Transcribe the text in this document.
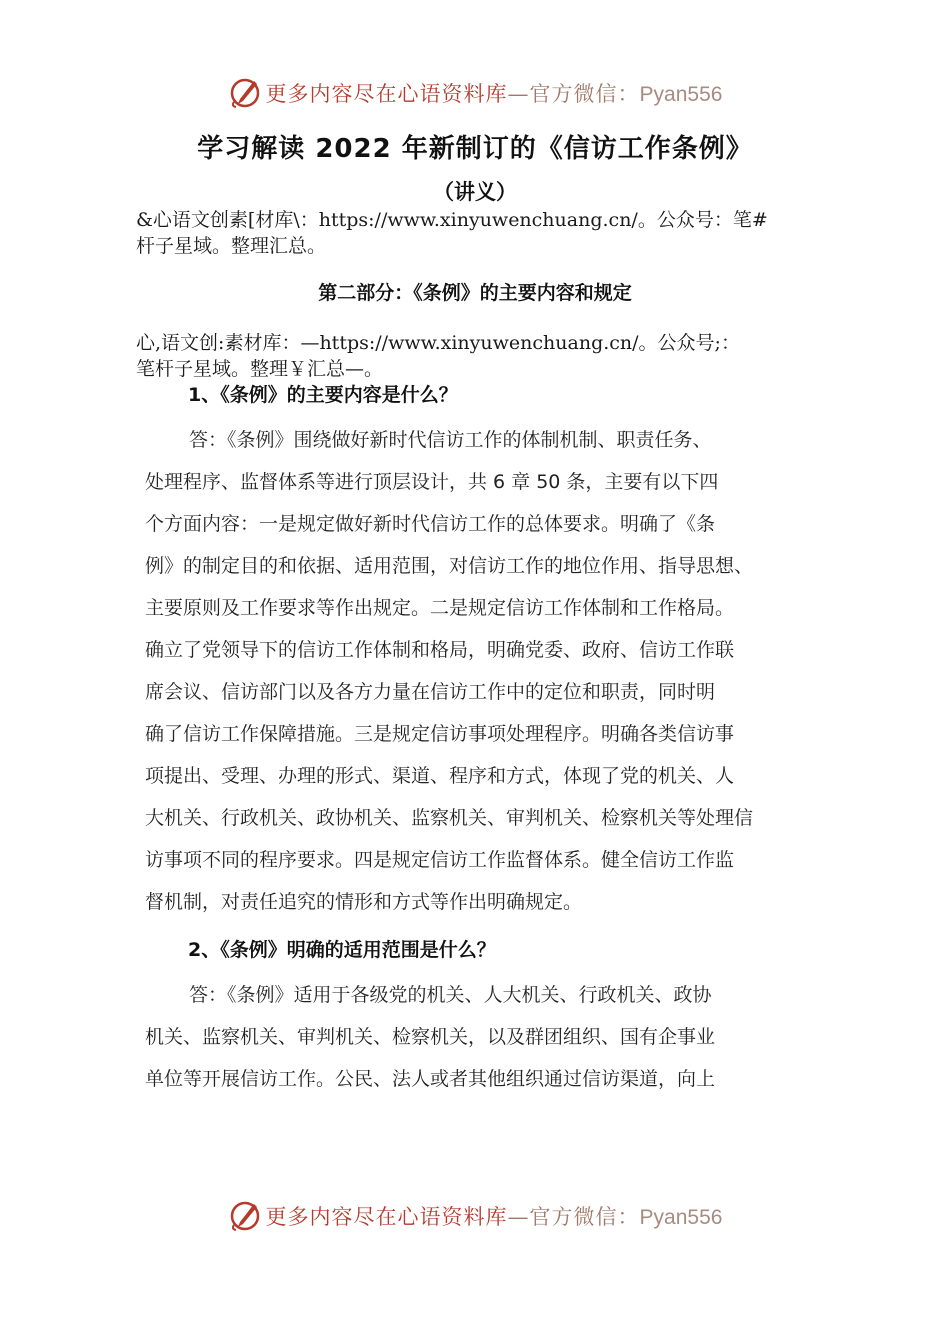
更多内容尽在心语资料库—官方微信：Pyan556
学习解读 2022 年新制订的《信访工作条例》
（讲义）
&心语文创素[材库\：https://www.xinyuwenchuang.cn/。公众号：笔#
杆子星域。整理汇总。
第二部分：《条例》的主要内容和规定
心,语文创:素材库：—https://www.xinyuwenchuang.cn/。公众号;：
笔杆子星域。整理￥汇总—。
1、《条例》的主要内容是什么？
答：《条例》围绕做好新时代信访工作的体制机制、职责任务、
处理程序、监督体系等进行顶层设计，共 6 章 50 条，主要有以下四
个方面内容：一是规定做好新时代信访工作的总体要求。明确了《条
例》的制定目的和依据、适用范围，对信访工作的地位作用、指导思想、
主要原则及工作要求等作出规定。二是规定信访工作体制和工作格局。
确立了党领导下的信访工作体制和格局，明确党委、政府、信访工作联
席会议、信访部门以及各方力量在信访工作中的定位和职责，同时明
确了信访工作保障措施。三是规定信访事项处理程序。明确各类信访事
项提出、受理、办理的形式、渠道、程序和方式，体现了党的机关、人
大机关、行政机关、政协机关、监察机关、审判机关、检察机关等处理信
访事项不同的程序要求。四是规定信访工作监督体系。健全信访工作监
督机制，对责任追究的情形和方式等作出明确规定。
2、《条例》明确的适用范围是什么？
答：《条例》适用于各级党的机关、人大机关、行政机关、政协
机关、监察机关、审判机关、检察机关，以及群团组织、国有企事业
单位等开展信访工作。公民、法人或者其他组织通过信访渠道，向上
更多内容尽在心语资料库—官方微信：Pyan556
